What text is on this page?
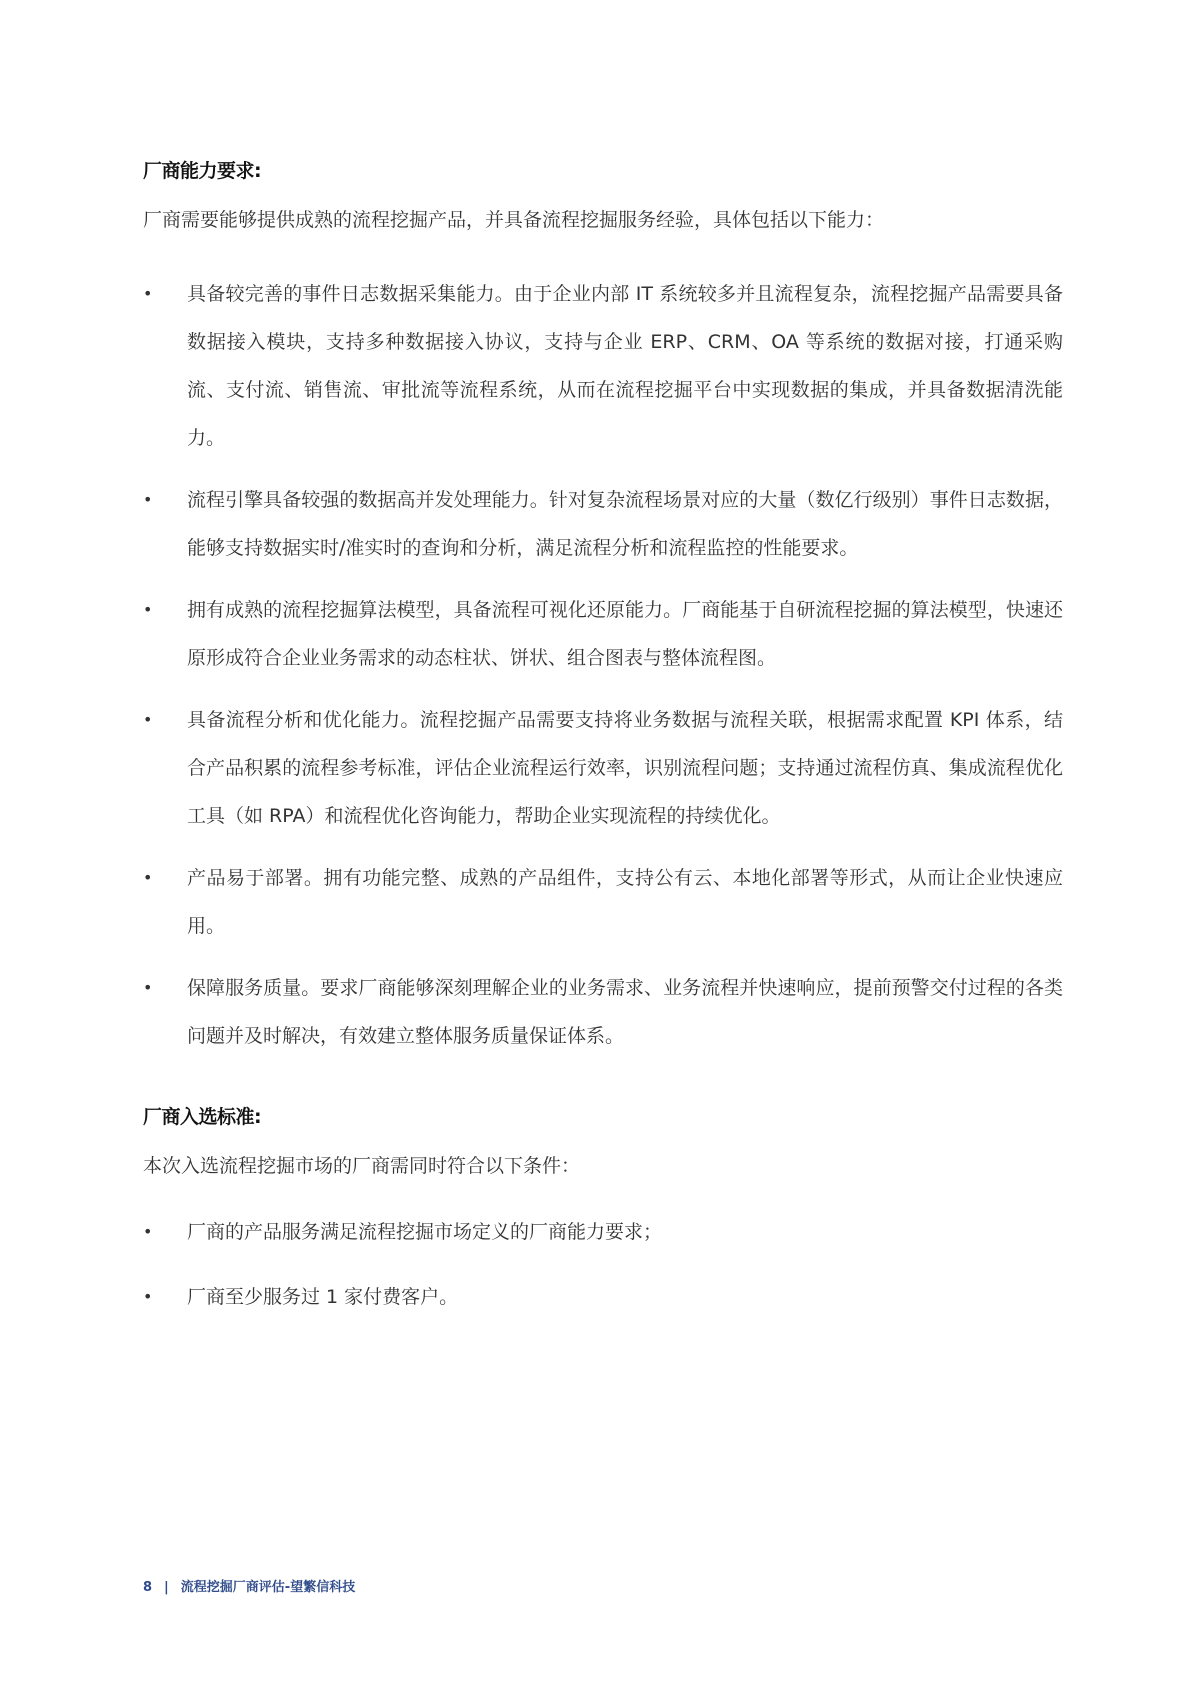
厂商能力要求:
厂商需要能够提供成熟的流程挖掘产品，并具备流程挖掘服务经验，具体包括以下能力：
•	具备较完善的事件日志数据采集能力。由于企业内部 IT 系统较多并且流程复杂，流程挖掘产品需要具备数据接入模块，支持多种数据接入协议，支持与企业 ERP、CRM、OA 等系统的数据对接，打通采购流、支付流、销售流、审批流等流程系统，从而在流程挖掘平台中实现数据的集成，并具备数据清洗能力。
•	流程引擎具备较强的数据高并发处理能力。针对复杂流程场景对应的大量（数亿行级别）事件日志数据，能够支持数据实时/准实时的查询和分析，满足流程分析和流程监控的性能要求。
•	拥有成熟的流程挖掘算法模型，具备流程可视化还原能力。厂商能基于自研流程挖掘的算法模型，快速还原形成符合企业业务需求的动态柱状、饼状、组合图表与整体流程图。
•	具备流程分析和优化能力。流程挖掘产品需要支持将业务数据与流程关联，根据需求配置 KPI 体系，结合产品积累的流程参考标准，评估企业流程运行效率，识别流程问题；支持通过流程仿真、集成流程优化工具（如 RPA）和流程优化咨询能力，帮助企业实现流程的持续优化。
•	产品易于部署。拥有功能完整、成熟的产品组件，支持公有云、本地化部署等形式，从而让企业快速应用。
•	保障服务质量。要求厂商能够深刻理解企业的业务需求、业务流程并快速响应，提前预警交付过程的各类问题并及时解决，有效建立整体服务质量保证体系。
厂商入选标准:
本次入选流程挖掘市场的厂商需同时符合以下条件：
•	厂商的产品服务满足流程挖掘市场定义的厂商能力要求；
•	厂商至少服务过 1 家付费客户。
8 | 流程挖掘厂商评估-望繁信科技
